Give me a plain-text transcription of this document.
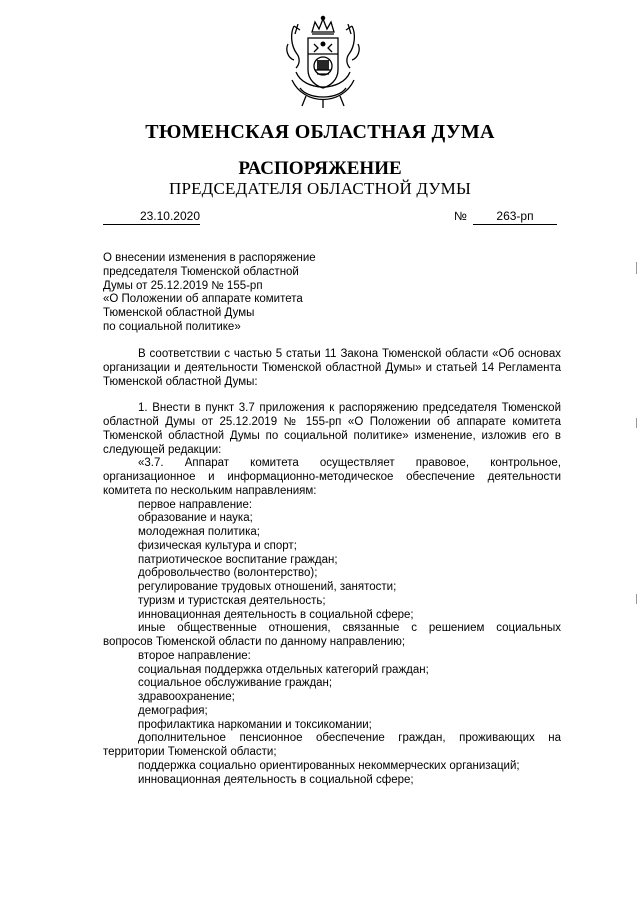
ТЮМЕНСКАЯ ОБЛАСТНАЯ ДУМА
РАСПОРЯЖЕНИЕ
ПРЕДСЕДАТЕЛЯ ОБЛАСТНОЙ ДУМЫ
23.10.2020	№	263-рп
О внесении изменения в распоряжение
председателя Тюменской областной
Думы от 25.12.2019 № 155-рп
«О Положении об аппарате комитета
Тюменской областной Думы
по социальной политике»

В соответствии с частью 5 статьи 11 Закона Тюменской области «Об основах организации и деятельности Тюменской областной Думы» и статьей 14 Регламента Тюменской областной Думы:

1. Внести в пункт 3.7 приложения к распоряжению председателя Тюменской областной Думы от 25.12.2019 № 155-рп «О Положении об аппарате комитета Тюменской областной Думы по социальной политике» изменение, изложив его в следующей редакции:

«3.7. Аппарат комитета осуществляет правовое, контрольное, организационное и информационно-методическое обеспечение деятельности комитета по нескольким направлениям:

первое направление:
образование и наука;
молодежная политика;
физическая культура и спорт;
патриотическое воспитание граждан;
добровольчество (волонтерство);
регулирование трудовых отношений, занятости;
туризм и туристская деятельность;
инновационная деятельность в социальной сфере;

иные общественные отношения, связанные с решением социальных вопросов Тюменской области по данному направлению;

второе направление:
социальная поддержка отдельных категорий граждан;
социальное обслуживание граждан;
здравоохранение;
демография;
профилактика наркомании и токсикомании;

дополнительное пенсионное обеспечение граждан, проживающих на территории Тюменской области;

поддержка социально ориентированных некоммерческих организаций;
инновационная деятельность в социальной сфере;
